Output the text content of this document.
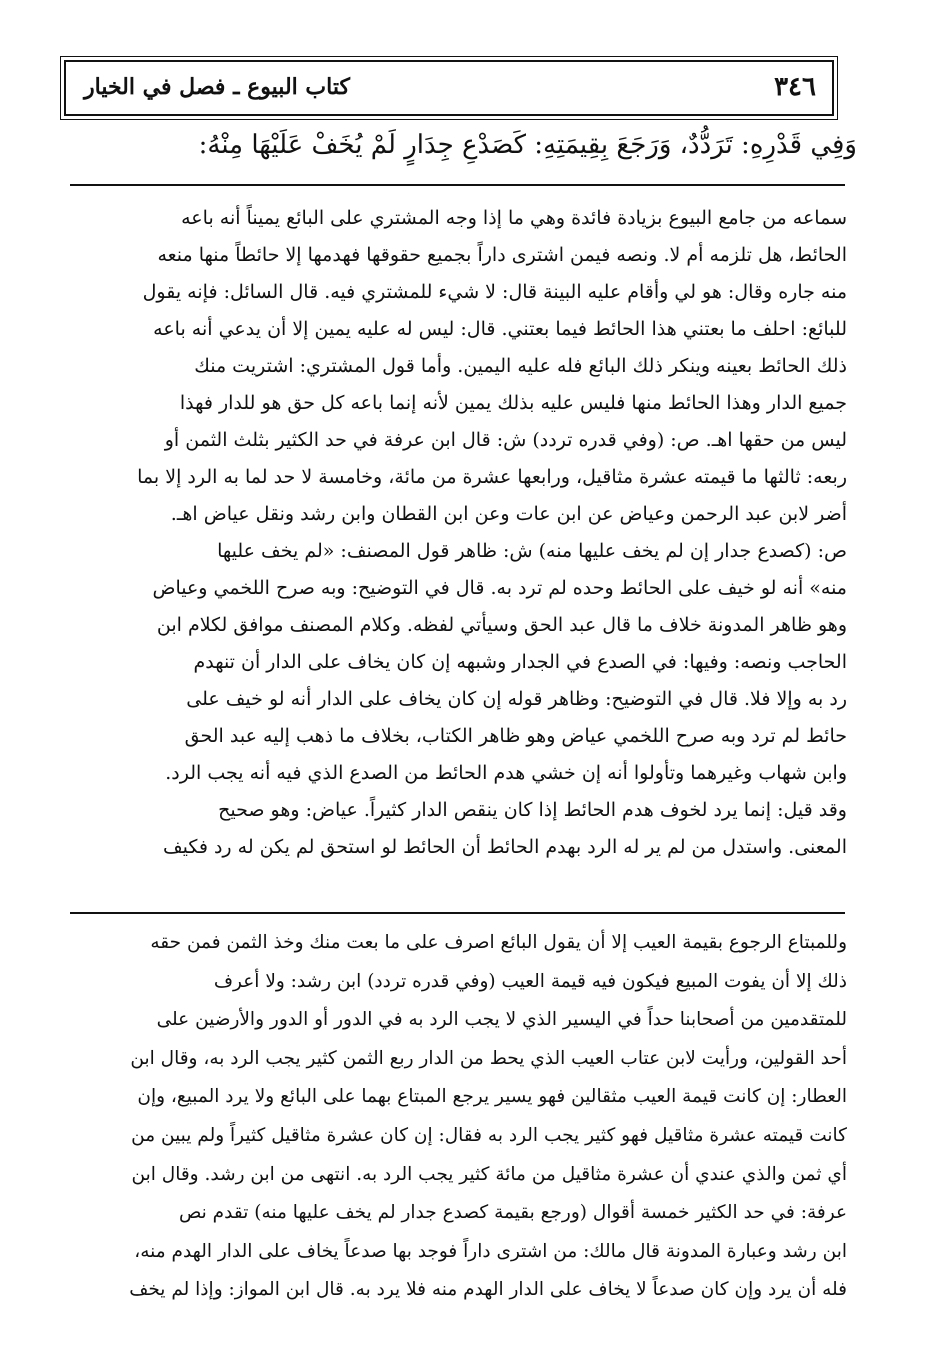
٣٤٦
كتاب البيوع ـ فصل في الخيار
وَفِي قَدْرِهِ: تَرَدُّدٌ، وَرَجَعَ بِقِيمَتِهِ: كَصَدْعِ جِدَارٍ لَمْ يُخَفْ عَلَيْهَا مِنْهُ:
سماعه من جامع البيوع بزيادة فائدة وهي ما إذا وجه المشتري على البائع يميناً أنه باعه
الحائط، هل تلزمه أم لا. ونصه فيمن اشترى داراً بجميع حقوقها فهدمها إلا حائطاً منها منعه
منه جاره وقال: هو لي وأقام عليه البينة قال: لا شيء للمشتري فيه. قال السائل: فإنه يقول
للبائع: احلف ما بعتني هذا الحائط فيما بعتني. قال: ليس له عليه يمين إلا أن يدعي أنه باعه
ذلك الحائط بعينه وينكر ذلك البائع فله عليه اليمين. وأما قول المشتري: اشتريت منك
جميع الدار وهذا الحائط منها فليس عليه بذلك يمين لأنه إنما باعه كل حق هو للدار فهذا
ليس من حقها اهـ. ص: (وفي قدره تردد) ش: قال ابن عرفة في حد الكثير بثلث الثمن أو
ربعه: ثالثها ما قيمته عشرة مثاقيل، ورابعها عشرة من مائة، وخامسة لا حد لما به الرد إلا بما
أضر لابن عبد الرحمن وعياض عن ابن عات وعن ابن القطان وابن رشد ونقل عياض اهـ.
ص: (كصدع جدار إن لم يخف عليها منه) ش: ظاهر قول المصنف: «لم يخف عليها
منه» أنه لو خيف على الحائط وحده لم ترد به. قال في التوضيح: وبه صرح اللخمي وعياض
وهو ظاهر المدونة خلاف ما قال عبد الحق وسيأتي لفظه. وكلام المصنف موافق لكلام ابن
الحاجب ونصه: وفيها: في الصدع في الجدار وشبهه إن كان يخاف على الدار أن تنهدم
رد به وإلا فلا. قال في التوضيح: وظاهر قوله إن كان يخاف على الدار أنه لو خيف على
حائط لم ترد وبه صرح اللخمي عياض وهو ظاهر الكتاب، بخلاف ما ذهب إليه عبد الحق
وابن شهاب وغيرهما وتأولوا أنه إن خشي هدم الحائط من الصدع الذي فيه أنه يجب الرد.
وقد قيل: إنما يرد لخوف هدم الحائط إذا كان ينقص الدار كثيراً. عياض: وهو صحيح
المعنى. واستدل من لم ير له الرد بهدم الحائط أن الحائط لو استحق لم يكن له رد فكيف
وللمبتاع الرجوع بقيمة العيب إلا أن يقول البائع اصرف على ما بعت منك وخذ الثمن فمن حقه
ذلك إلا أن يفوت المبيع فيكون فيه قيمة العيب (وفي قدره تردد) ابن رشد: ولا أعرف
للمتقدمين من أصحابنا حداً في اليسير الذي لا يجب الرد به في الدور أو الدور والأرضين على
أحد القولين، ورأيت لابن عتاب العيب الذي يحط من الدار ربع الثمن كثير يجب الرد به، وقال ابن
العطار: إن كانت قيمة العيب مثقالين فهو يسير يرجع المبتاع بهما على البائع ولا يرد المبيع، وإن
كانت قيمته عشرة مثاقيل فهو كثير يجب الرد به فقال: إن كان عشرة مثاقيل كثيراً ولم يبين من
أي ثمن والذي عندي أن عشرة مثاقيل من مائة كثير يجب الرد به. انتهى من ابن رشد. وقال ابن
عرفة: في حد الكثير خمسة أقوال (ورجع بقيمة كصدع جدار لم يخف عليها منه) تقدم نص
ابن رشد وعبارة المدونة قال مالك: من اشترى داراً فوجد بها صدعاً يخاف على الدار الهدم منه،
فله أن يرد وإن كان صدعاً لا يخاف على الدار الهدم منه فلا يرد به. قال ابن المواز: وإذا لم يخف
